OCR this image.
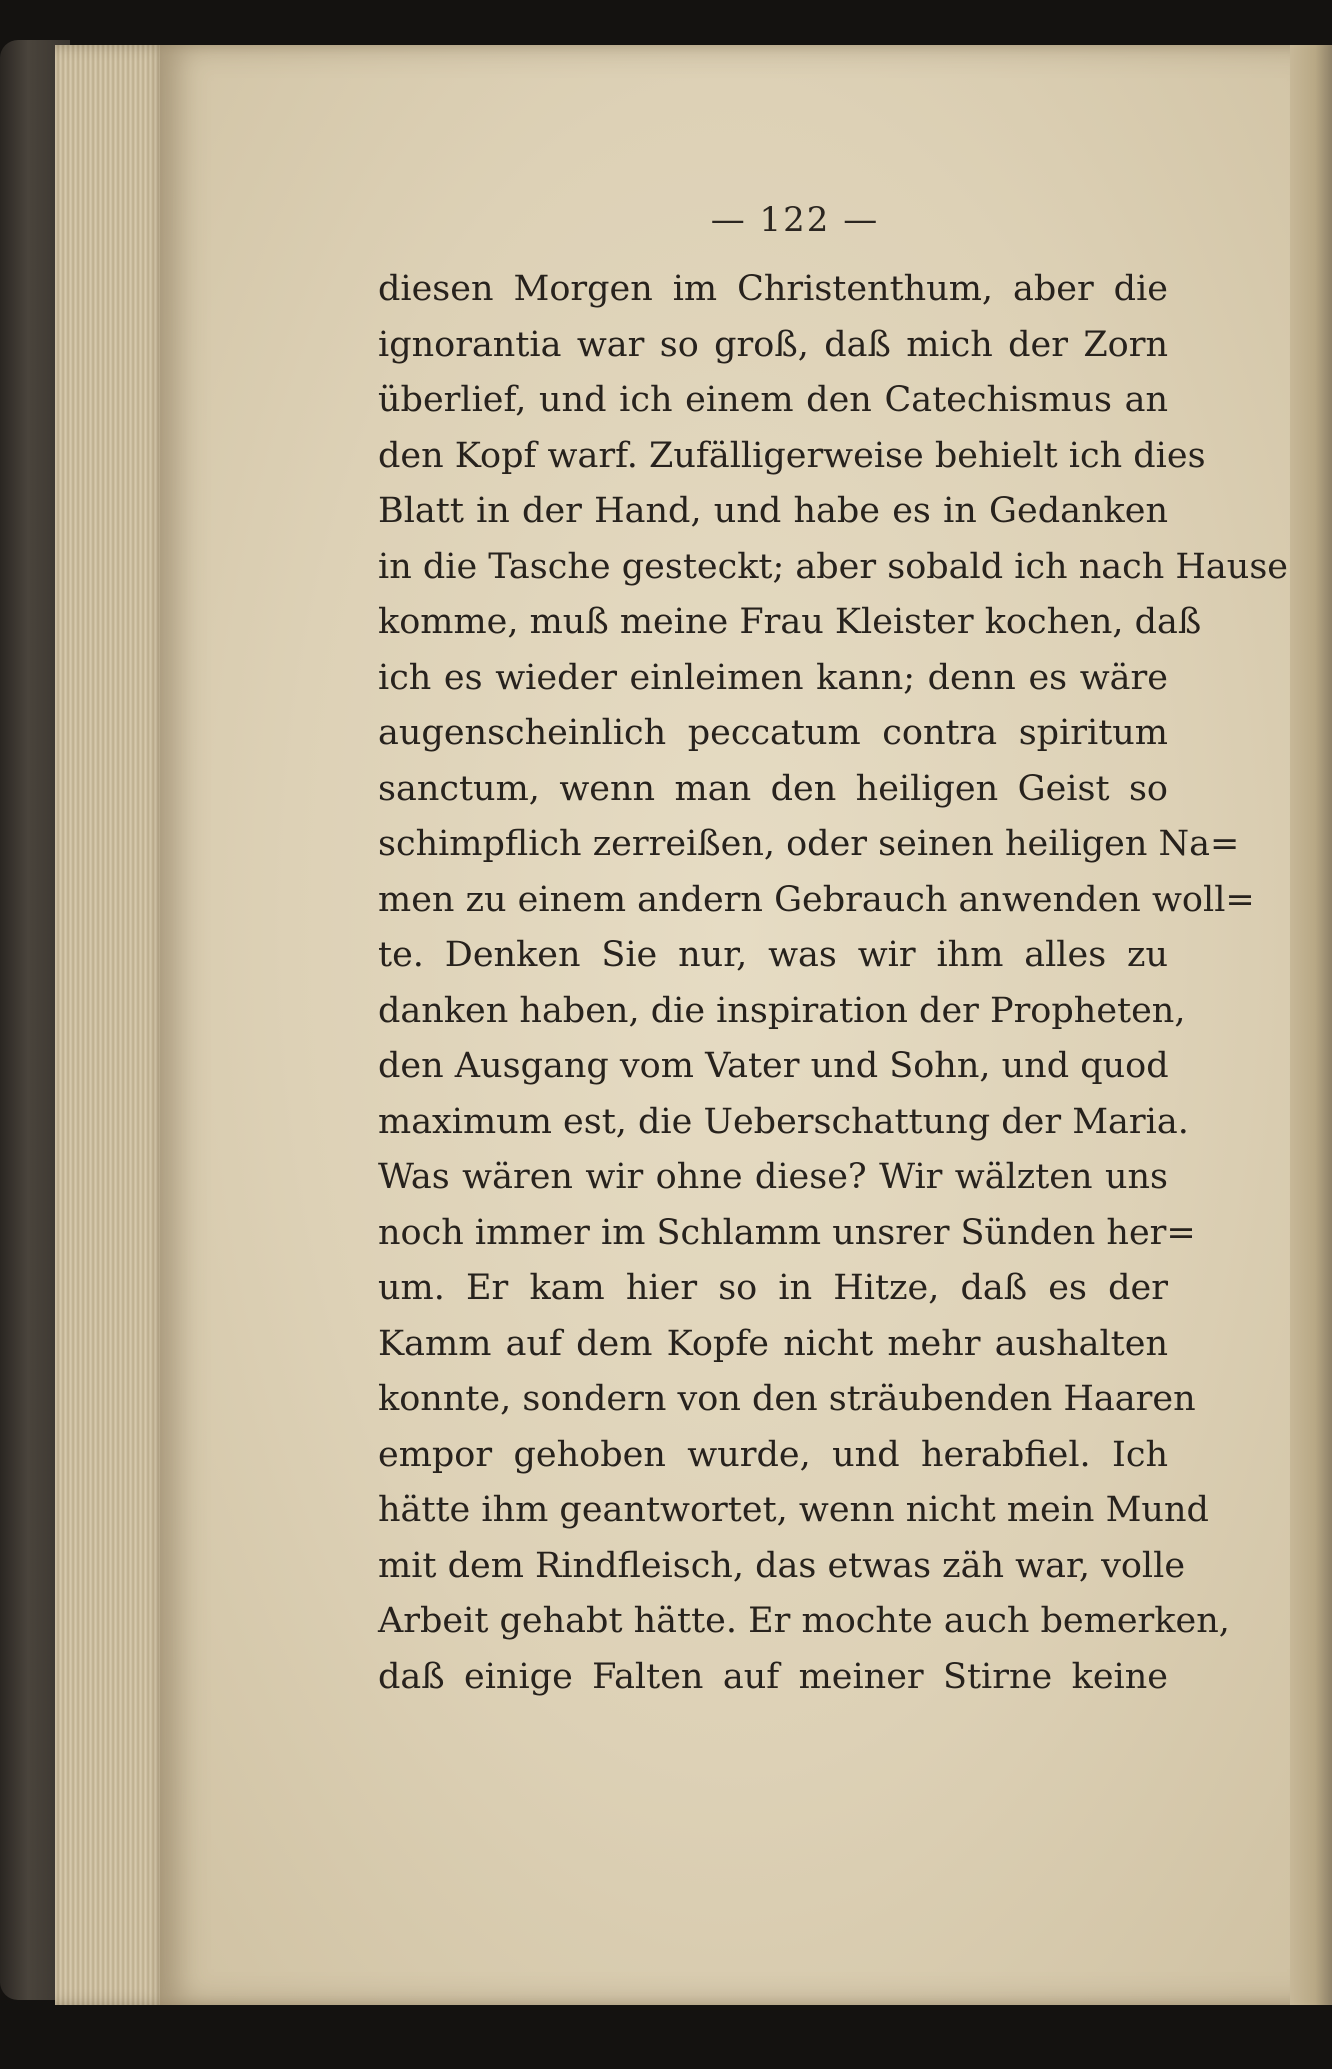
— 122 —
diesen Morgen im Christenthum, aber die
ignorantia war so groß, daß mich der Zorn
überlief, und ich einem den Catechismus an
den Kopf warf. Zufälligerweise behielt ich dies
Blatt in der Hand, und habe es in Gedanken
in die Tasche gesteckt; aber sobald ich nach Hause
komme, muß meine Frau Kleister kochen, daß
ich es wieder einleimen kann; denn es wäre
augenscheinlich peccatum contra spiritum
sanctum, wenn man den heiligen Geist so
schimpflich zerreißen, oder seinen heiligen Na=
men zu einem andern Gebrauch anwenden woll=
te. Denken Sie nur, was wir ihm alles zu
danken haben, die inspiration der Propheten,
den Ausgang vom Vater und Sohn, und quod
maximum est, die Ueberschattung der Maria.
Was wären wir ohne diese? Wir wälzten uns
noch immer im Schlamm unsrer Sünden her=
um. Er kam hier so in Hitze, daß es der
Kamm auf dem Kopfe nicht mehr aushalten
konnte, sondern von den sträubenden Haaren
empor gehoben wurde, und herabfiel. Ich
hätte ihm geantwortet, wenn nicht mein Mund
mit dem Rindfleisch, das etwas zäh war, volle
Arbeit gehabt hätte. Er mochte auch bemerken,
daß einige Falten auf meiner Stirne keine
